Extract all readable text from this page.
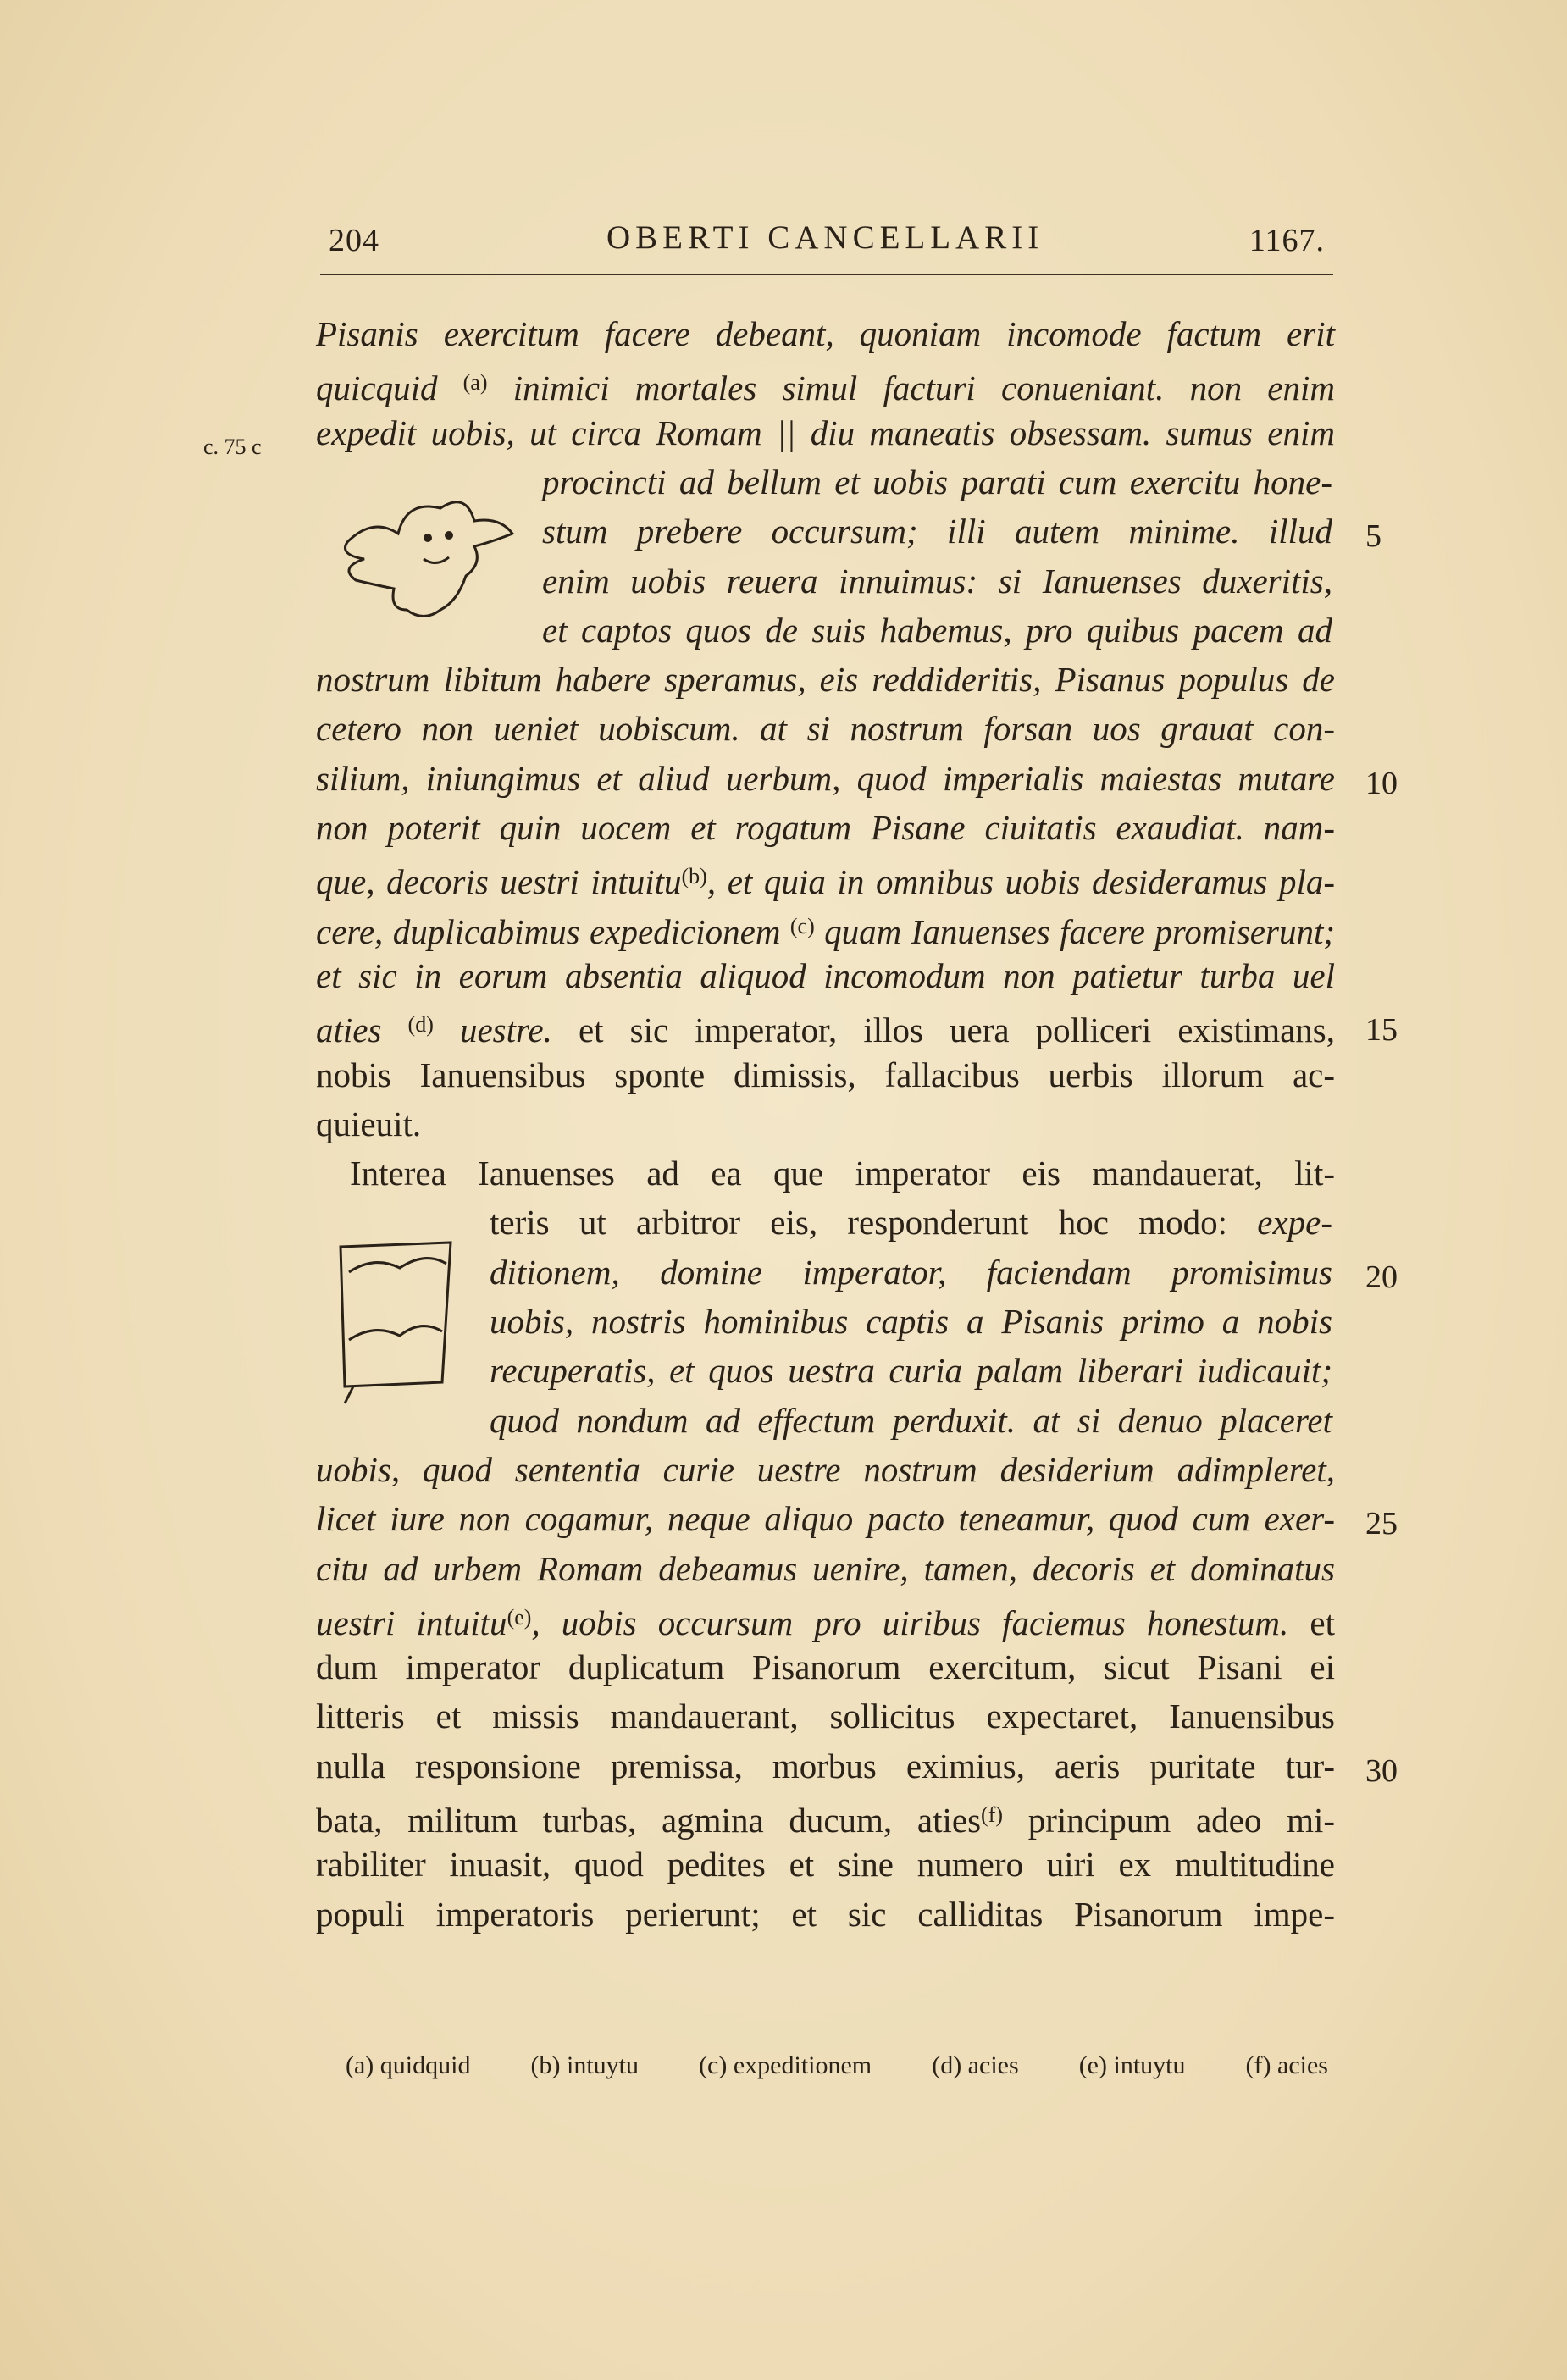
204	OBERTI CANCELLARII	1167.
c. 75 c
Pisanis exercitum facere debeant, quoniam incomode factum erit
quicquid $^{(a)}$ inimici mortales simul facturi conueniant. non enim
expedit uobis, ut circa Romam || diu maneatis obsessam. sumus enim
procincti ad bellum et uobis parati cum exercitu hone-
stum prebere occursum; illi autem minime. illud
enim uobis reuera innuimus: si Ianuenses duxeritis,
et captos quos de suis habemus, pro quibus pacem ad
nostrum libitum habere speramus, eis reddideritis, Pisanus populus de
cetero non ueniet uobiscum. at si nostrum forsan uos grauat con-
silium, iniungimus et aliud uerbum, quod imperialis maiestas mutare
non poterit quin uocem et rogatum Pisane ciuitatis exaudiat. nam-
que, decoris uestri intuitu$^{(b)}$, et quia in omnibus uobis desideramus pla-
cere, duplicabimus expedicionem $^{(c)}$ quam Ianuenses facere promiserunt;
et sic in eorum absentia aliquod incomodum non patietur turba uel
aties $^{(d)}$ uestre. et sic imperator, illos uera polliceri existimans,
nobis Ianuensibus sponte dimissis, fallacibus uerbis illorum ac-
quieuit.
Interea Ianuenses ad ea que imperator eis mandauerat, lit-
teris ut arbitror eis, responderunt hoc modo: expe-
ditionem, domine imperator, faciendam promisimus
uobis, nostris hominibus captis a Pisanis primo a nobis
recuperatis, et quos uestra curia palam liberari iudicauit;
quod nondum ad effectum perduxit. at si denuo placeret
uobis, quod sententia curie uestre nostrum desiderium adimpleret,
licet iure non cogamur, neque aliquo pacto teneamur, quod cum exer-
citu ad urbem Romam debeamus uenire, tamen, decoris et dominatus
uestri intuitu$^{(e)}$, uobis occursum pro uiribus faciemus honestum. et
dum imperator duplicatum Pisanorum exercitum, sicut Pisani ei
litteris et missis mandauerant, sollicitus expectaret, Ianuensibus
nulla responsione premissa, morbus eximius, aeris puritate tur-
bata, militum turbas, agmina ducum, aties$^{(f)}$ principum adeo mi-
rabiliter inuasit, quod pedites et sine numero uiri ex multitudine
populi imperatoris perierunt; et sic calliditas Pisanorum impe-
5
10
15
20
25
30
(a) quidquid (b) intuytu (c) expeditionem (d) acies (e) intuytu (f) acies
